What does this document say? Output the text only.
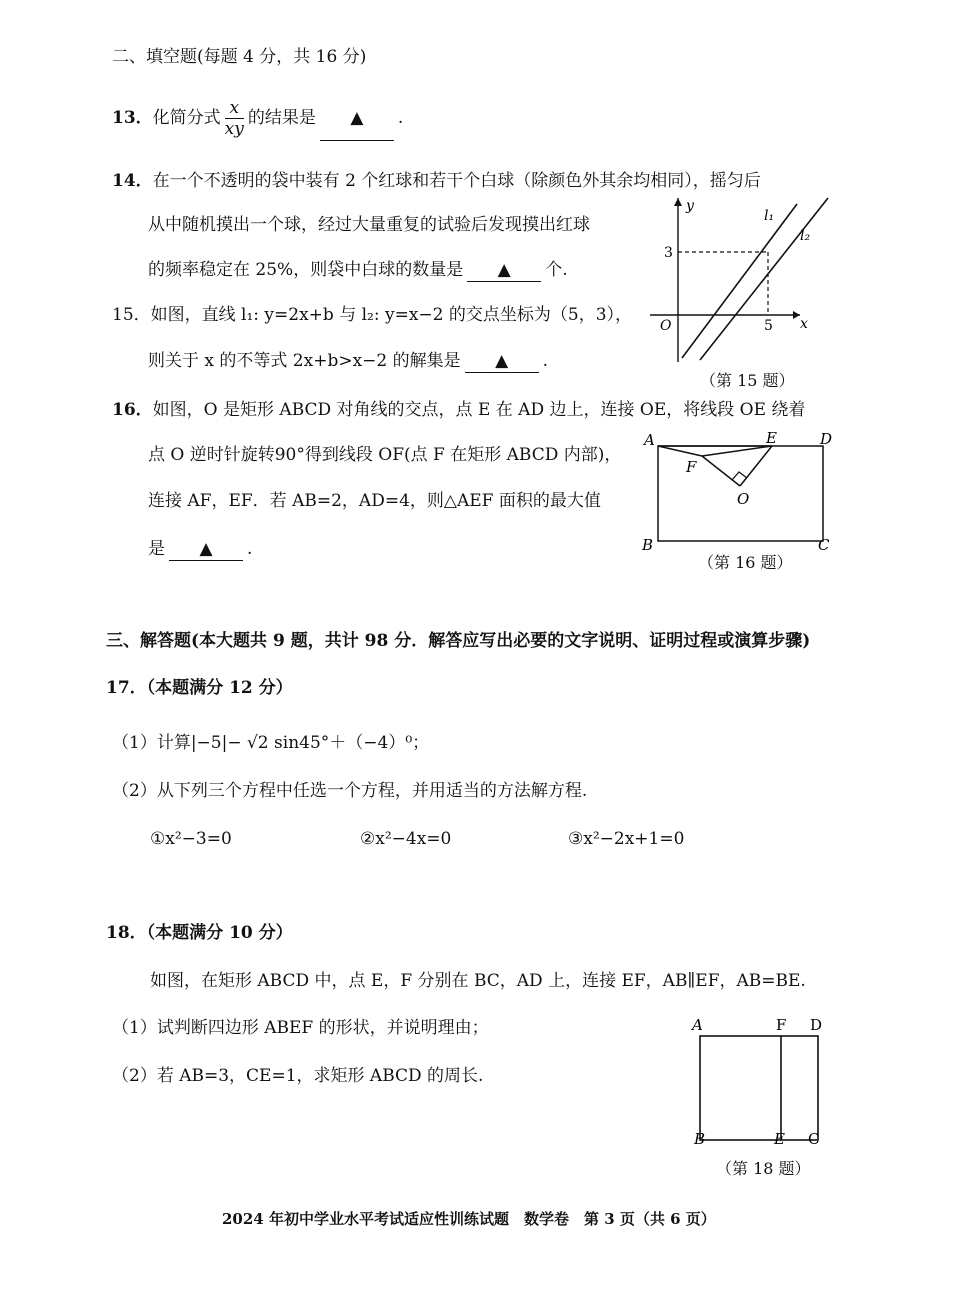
二、填空题(每题 4 分，共 16 分)
13．化简分式 $\frac{x}{xy}$ 的结果是 ▲ .
14．在一个不透明的袋中装有 2 个红球和若干个白球（除颜色外其余均相同），摇匀后
从中随机摸出一个球，经过大量重复的试验后发现摸出红球
的频率稳定在 25%，则袋中白球的数量是 ▲ 个.
15．如图，直线 l₁: y=2x+b 与 l₂: y=x−2 的交点坐标为（5，3），
则关于 x 的不等式 2x+b>x−2 的解集是 ▲ .
y
x
O
3
5
l₁
l₂
（第 15 题）
16．如图，O 是矩形 ABCD 对角线的交点，点 E 在 AD 边上，连接 OE，将线段 OE 绕着
点 O 逆时针旋转90°得到线段 OF(点 F 在矩形 ABCD 内部)，
连接 AF，EF．若 AB=2，AD=4，则△AEF 面积的最大值
是 ▲ .
A	D
E
F
O
B	C
（第 16 题）
三、解答题(本大题共 9 题，共计 98 分．解答应写出必要的文字说明、证明过程或演算步骤)
17．（本题满分 12 分）
（1）计算|−5|− √2 sin45°＋（−4）⁰；
（2）从下列三个方程中任选一个方程，并用适当的方法解方程.
①x²−3=0	②x²−4x=0	③x²−2x+1=0
18．（本题满分 10 分）
如图，在矩形 ABCD 中，点 E，F 分别在 BC，AD 上，连接 EF，AB∥EF，AB=BE.
（1）试判断四边形 ABEF 的形状，并说明理由；
（2）若 AB=3，CE=1，求矩形 ABCD 的周长.
A	F D
B	E C
（第 18 题）
2024 年初中学业水平考试适应性训练试题　数学卷　第 3 页（共 6 页）
